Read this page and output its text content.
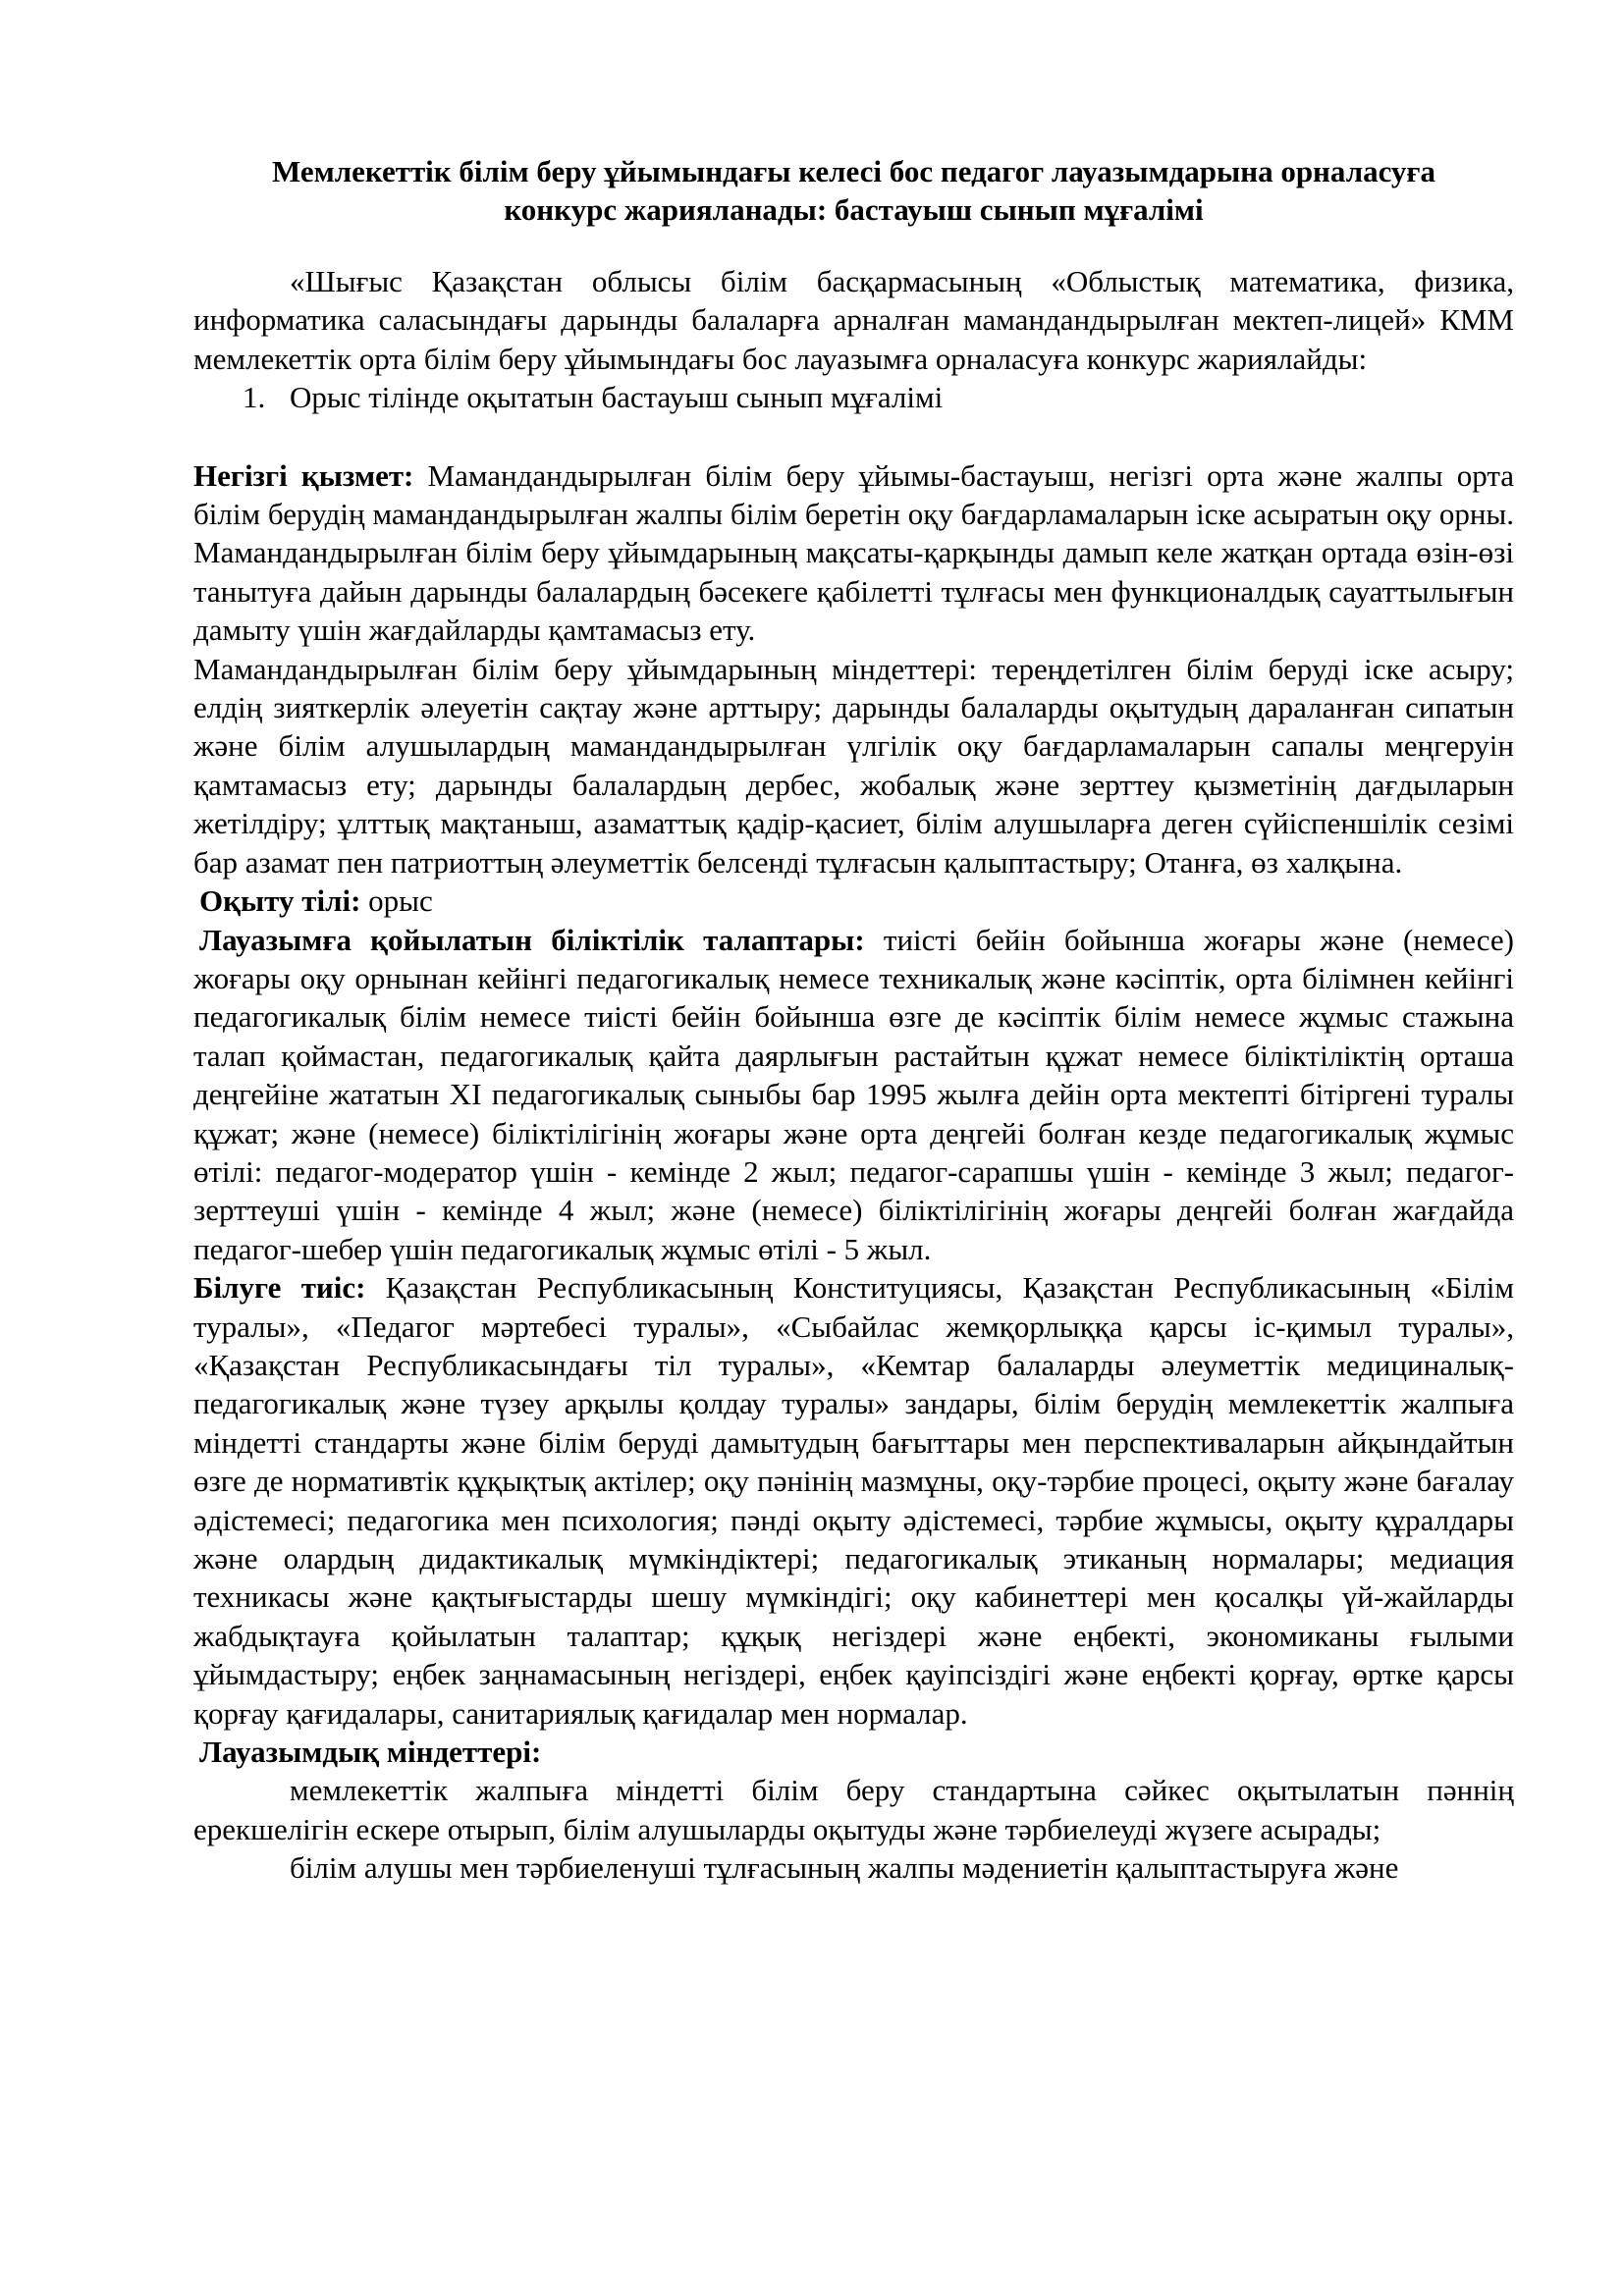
Мемлекеттік білім беру ұйымындағы келесі бос педагог лауазымдарына орналасуға
конкурс жарияланады: бастауыш сынып мұғалімі

«Шығыс Қазақстан облысы білім басқармасының «Облыстық математика, физика, информатика саласындағы дарынды балаларға арналған мамандандырылған мектеп-лицей» КММ мемлекеттік орта білім беру ұйымындағы бос лауазымға орналасуға конкурс жариялайды:

1. Орыс тілінде оқытатын бастауыш сынып мұғалімі

Негізгі қызмет: Мамандандырылған білім беру ұйымы-бастауыш, негізгі орта және жалпы орта білім берудің мамандандырылған жалпы білім беретін оқу бағдарламаларын іске асыратын оқу орны. Мамандандырылған білім беру ұйымдарының мақсаты-қарқынды дамып келе жатқан ортада өзін-өзі танытуға дайын дарынды балалардың бәсекеге қабілетті тұлғасы мен функционалдық сауаттылығын дамыту үшін жағдайларды қамтамасыз ету.

Мамандандырылған білім беру ұйымдарының міндеттері: тереңдетілген білім беруді іске асыру; елдің зияткерлік әлеуетін сақтау және арттыру; дарынды балаларды оқытудың дараланған сипатын және білім алушылардың мамандандырылған үлгілік оқу бағдарламаларын сапалы меңгеруін қамтамасыз ету; дарынды балалардың дербес, жобалық және зерттеу қызметінің дағдыларын жетілдіру; ұлттық мақтаныш, азаматтық қадір-қасиет, білім алушыларға деген сүйіспеншілік сезімі бар азамат пен патриоттың әлеуметтік белсенді тұлғасын қалыптастыру; Отанға, өз халқына.

Оқыту тілі: орыс

Лауазымға қойылатын біліктілік талаптары: тиісті бейін бойынша жоғары және (немесе) жоғары оқу орнынан кейінгі педагогикалық немесе техникалық және кәсіптік, орта білімнен кейінгі педагогикалық білім немесе тиісті бейін бойынша өзге де кәсіптік білім немесе жұмыс стажына талап қоймастан, педагогикалық қайта даярлығын растайтын құжат немесе біліктіліктің орташа деңгейіне жататын XI педагогикалық сыныбы бар 1995 жылға дейін орта мектепті бітіргені туралы құжат; және (немесе) біліктілігінің жоғары және орта деңгейі болған кезде педагогикалық жұмыс өтілі: педагог-модератор үшін - кемінде 2 жыл; педагог-сарапшы үшін - кемінде 3 жыл; педагог-зерттеуші үшін - кемінде 4 жыл; және (немесе) біліктілігінің жоғары деңгейі болған жағдайда педагог-шебер үшін педагогикалық жұмыс өтілі - 5 жыл.

Білуге тиіс: Қазақстан Республикасының Конституциясы, Қазақстан Республикасының «Білім туралы», «Педагог мәртебесі туралы», «Сыбайлас жемқорлыққа қарсы іс-қимыл туралы», «Қазақстан Республикасындағы тіл туралы», «Кемтар балаларды әлеуметтік медициналық-педагогикалық және түзеу арқылы қолдау туралы» зандары, білім берудің мемлекеттік жалпыға міндетті стандарты және білім беруді дамытудың бағыттары мен перспективаларын айқындайтын өзге де нормативтік құқықтық актілер; оқу пәнінің мазмұны, оқу-тәрбие процесі, оқыту және бағалау әдістемесі; педагогика мен психология; пәнді оқыту әдістемесі, тәрбие жұмысы, оқыту құралдары және олардың дидактикалық мүмкіндіктері; педагогикалық этиканың нормалары; медиация техникасы және қақтығыстарды шешу мүмкіндігі; оқу кабинеттері мен қосалқы үй-жайларды жабдықтауға қойылатын талаптар; құқық негіздері және еңбекті, экономиканы ғылыми ұйымдастыру; еңбек заңнамасының негіздері, еңбек қауіпсіздігі және еңбекті қорғау, өртке қарсы қорғау қағидалары, санитариялық қағидалар мен нормалар.

Лауазымдық міндеттері:

мемлекеттік жалпыға міндетті білім беру стандартына сәйкес оқытылатын пәннің ерекшелігін ескере отырып, білім алушыларды оқытуды және тәрбиелеуді жүзеге асырады;

білім алушы мен тәрбиеленуші тұлғасының жалпы мәдениетін қалыптастыруға және
